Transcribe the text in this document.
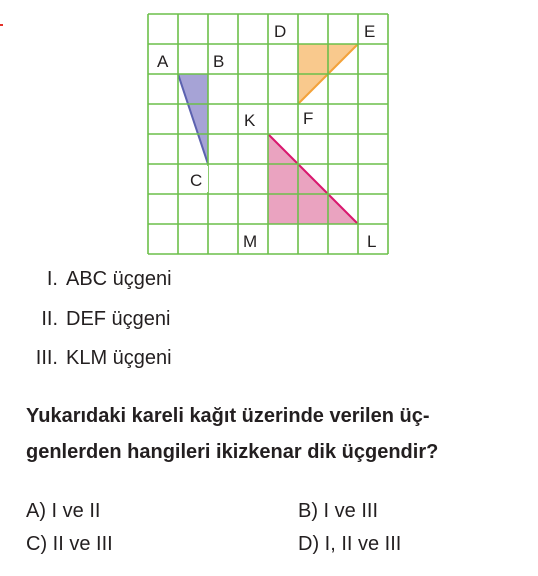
A	B
C
D	E
F
K
L
M
I. ABC üçgeni
II. DEF üçgeni
III. KLM üçgeni
Yukarıdaki kareli kağıt üzerinde verilen üç-
genlerden hangileri ikizkenar dik üçgendir?
A) I ve II	B) I ve III
C) II ve III	D) I, II ve III
